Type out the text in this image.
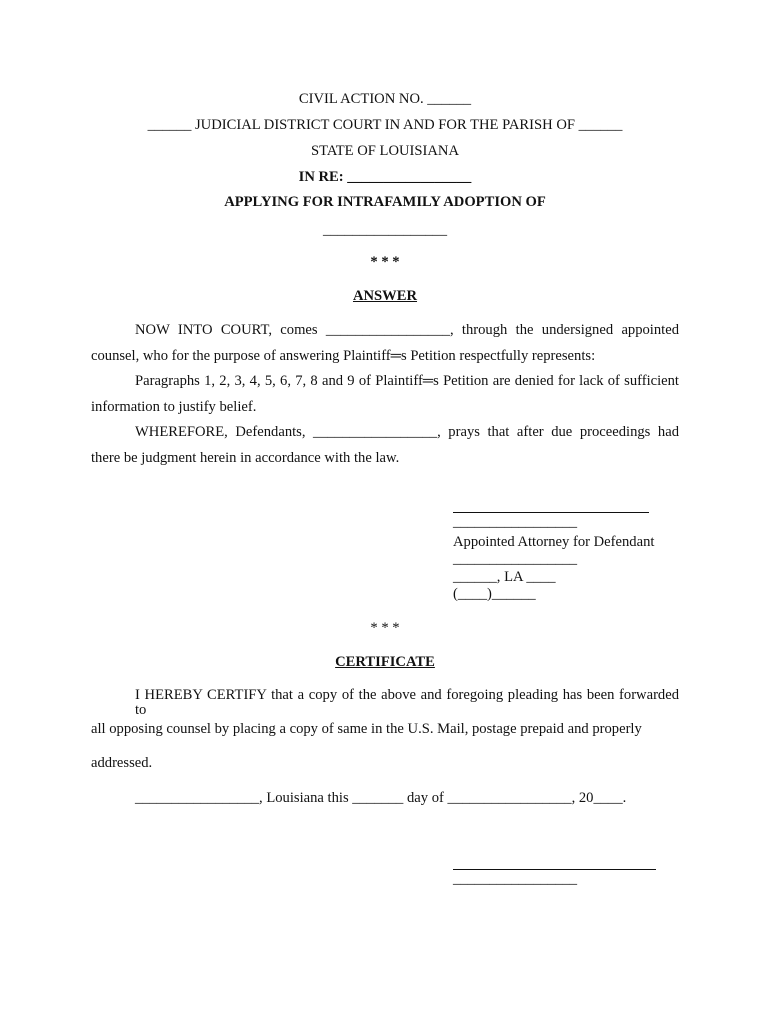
CIVIL ACTION NO. ______
______ JUDICIAL DISTRICT COURT IN AND FOR THE PARISH OF ______
STATE OF LOUISIANA
IN RE: _________________
APPLYING FOR INTRAFAMILY ADOPTION OF
_________________
* * *
ANSWER
NOW INTO COURT, comes _________________, through the undersigned appointed
counsel, who for the purpose of answering Plaintiff═s Petition respectfully represents:
Paragraphs 1, 2, 3, 4, 5, 6, 7, 8 and 9 of Plaintiff═s Petition are denied for lack of sufficient
information to justify belief.
WHEREFORE, Defendants, _________________, prays that after due proceedings had
there be judgment herein in accordance with the law.
_________________
Appointed Attorney for Defendant
_________________
______, LA ____
(____)______
* * *
CERTIFICATE
I HEREBY CERTIFY that a copy of the above and foregoing pleading has been forwarded to
all opposing counsel by placing a copy of same in the U.S. Mail, postage prepaid and properly
addressed.
_________________, Louisiana this _______ day of _________________, 20____.
_________________
